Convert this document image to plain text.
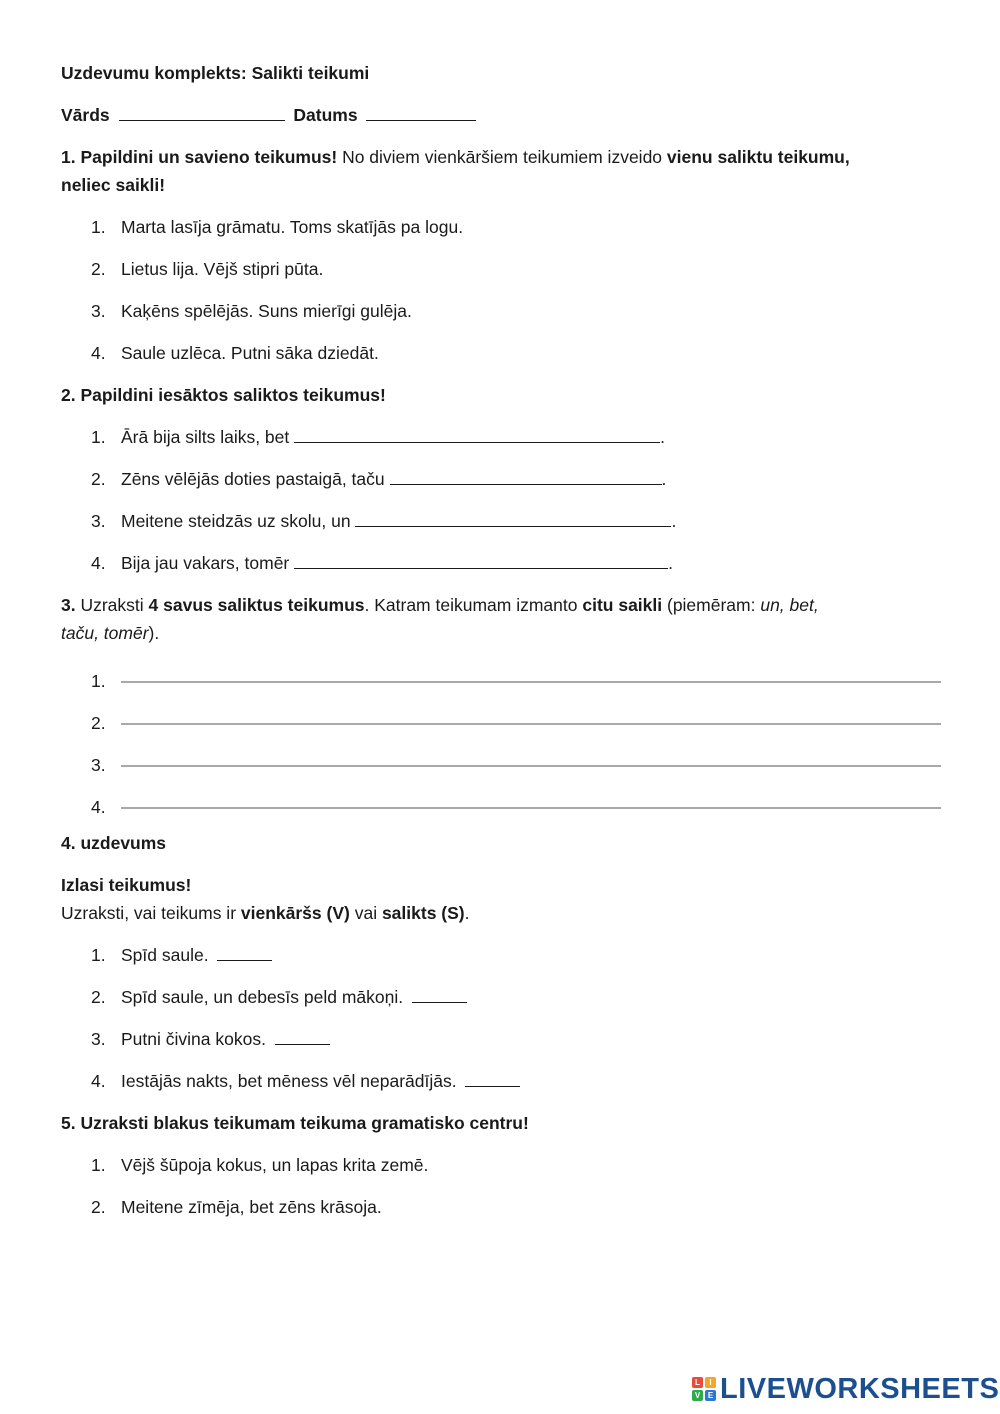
Uzdevumu komplekts: Salikti teikumi
Vārds	Datums
1. Papildini un savieno teikumus! No diviem vienkāršiem teikumiem izveido vienu saliktu teikumu,
neliec saikli!
1. Marta lasīja grāmatu. Toms skatījās pa logu.
2. Lietus lija. Vējš stipri pūta.
3. Kaķēns spēlējās. Suns mierīgi gulēja.
4. Saule uzlēca. Putni sāka dziedāt.
2. Papildini iesāktos saliktos teikumus!
1. Ārā bija silts laiks, bet	.
2. Zēns vēlējās doties pastaigā, taču	.
3. Meitene steidzās uz skolu, un	.
4. Bija jau vakars, tomēr	.
3. Uzraksti 4 savus saliktus teikumus. Katram teikumam izmanto citu saikli (piemēram: un, bet,
taču, tomēr).
1.
2.
3.
4.
4. uzdevums
Izlasi teikumus!
Uzraksti, vai teikums ir vienkāršs (V) vai salikts (S).
1. Spīd saule.
2. Spīd saule, un debesīs peld mākoņi.
3. Putni čivina kokos.
4. Iestājās nakts, bet mēness vēl neparādījās.
5. Uzraksti blakus teikumam teikuma gramatisko centru!
1. Vējš šūpoja kokus, un lapas krita zemē.
2. Meitene zīmēja, bet zēns krāsoja.
L	I
V E LIVEWORKSHEETS
